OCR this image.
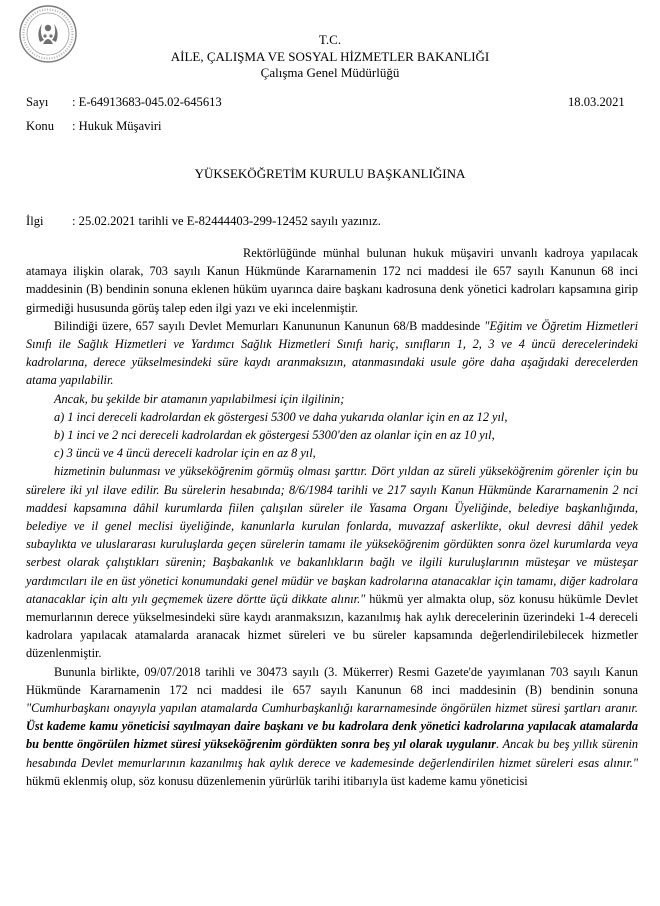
T.C.
AİLE, ÇALIŞMA VE SOSYAL HİZMETLER BAKANLIĞI
Çalışma Genel Müdürlüğü
Sayı : E-64913683-045.02-645613	18.03.2021
Konu : Hukuk Müşaviri
YÜKSEKÖĞRETİM KURULU BAŞKANLIĞINA
İlgi : 25.02.2021 tarihli ve E-82444403-299-12452 sayılı yazınız.

Rektörlüğünde münhal bulunan hukuk müşaviri unvanlı kadroya yapılacak atamaya ilişkin olarak, 703 sayılı Kanun Hükmünde Kararnamenin 172 nci maddesi ile 657 sayılı Kanunun 68 inci maddesinin (B) bendinin sonuna eklenen hüküm uyarınca daire başkanı kadrosuna denk yönetici kadroları kapsamına girip girmediği hususunda görüş talep eden ilgi yazı ve eki incelenmiştir.

Bilindiği üzere, 657 sayılı Devlet Memurları Kanununun Kanunun 68/B maddesinde "Eğitim ve Öğretim Hizmetleri Sınıfı ile Sağlık Hizmetleri ve Yardımcı Sağlık Hizmetleri Sınıfı hariç, sınıfların 1, 2, 3 ve 4 üncü derecelerindeki kadrolarına, derece yükselmesindeki süre kaydı aranmaksızın, atanmasındaki usule göre daha aşağıdaki derecelerden atama yapılabilir.

Ancak, bu şekilde bir atamanın yapılabilmesi için ilgilinin;

a) 1 inci dereceli kadrolardan ek göstergesi 5300 ve daha yukarıda olanlar için en az 12 yıl,

b) 1 inci ve 2 nci dereceli kadrolardan ek göstergesi 5300'den az olanlar için en az 10 yıl,

c) 3 üncü ve 4 üncü dereceli kadrolar için en az 8 yıl,

hizmetinin bulunması ve yükseköğrenim görmüş olması şarttır. Dört yıldan az süreli yükseköğrenim görenler için bu sürelere iki yıl ilave edilir. Bu sürelerin hesabında; 8/6/1984 tarihli ve 217 sayılı Kanun Hükmünde Kararnamenin 2 nci maddesi kapsamına dâhil kurumlarda fiilen çalışılan süreler ile Yasama Organı Üyeliğinde, belediye başkanlığında, belediye ve il genel meclisi üyeliğinde, kanunlarla kurulan fonlarda, muvazzaf askerlikte, okul devresi dâhil yedek subaylıkta ve uluslararası kuruluşlarda geçen sürelerin tamamı ile yükseköğrenim gördükten sonra özel kurumlarda veya serbest olarak çalıştıkları sürenin; Başbakanlık ve bakanlıkların bağlı ve ilgili kuruluşlarının müsteşar ve müsteşar yardımcıları ile en üst yönetici konumundaki genel müdür ve başkan kadrolarına atanacaklar için tamamı, diğer kadrolara atanacaklar için altı yılı geçmemek üzere dörtte üçü dikkate alınır." hükmü yer almakta olup, söz konusu hükümle Devlet memurlarının derece yükselmesindeki süre kaydı aranmaksızın, kazanılmış hak aylık derecelerinin üzerindeki 1-4 dereceli kadrolara yapılacak atamalarda aranacak hizmet süreleri ve bu süreler kapsamında değerlendirilebilecek hizmetler düzenlenmiştir.

Bununla birlikte, 09/07/2018 tarihli ve 30473 sayılı (3. Mükerrer) Resmi Gazete'de yayımlanan 703 sayılı Kanun Hükmünde Kararnamenin 172 nci maddesi ile 657 sayılı Kanunun 68 inci maddesinin (B) bendinin sonuna "Cumhurbaşkanı onayıyla yapılan atamalarda Cumhurbaşkanlığı kararnamesinde öngörülen hizmet süresi şartları aranır. Üst kademe kamu yöneticisi sayılmayan daire başkanı ve bu kadrolara denk yönetici kadrolarına yapılacak atamalarda bu bentte öngörülen hizmet süresi yükseköğrenim gördükten sonra beş yıl olarak uygulanır. Ancak bu beş yıllık sürenin hesabında Devlet memurlarının kazanılmış hak aylık derece ve kademesinde değerlendirilen hizmet süreleri esas alınır." hükmü eklenmiş olup, söz konusu düzenlemenin yürürlük tarihi itibarıyla üst kademe kamu yöneticisi
